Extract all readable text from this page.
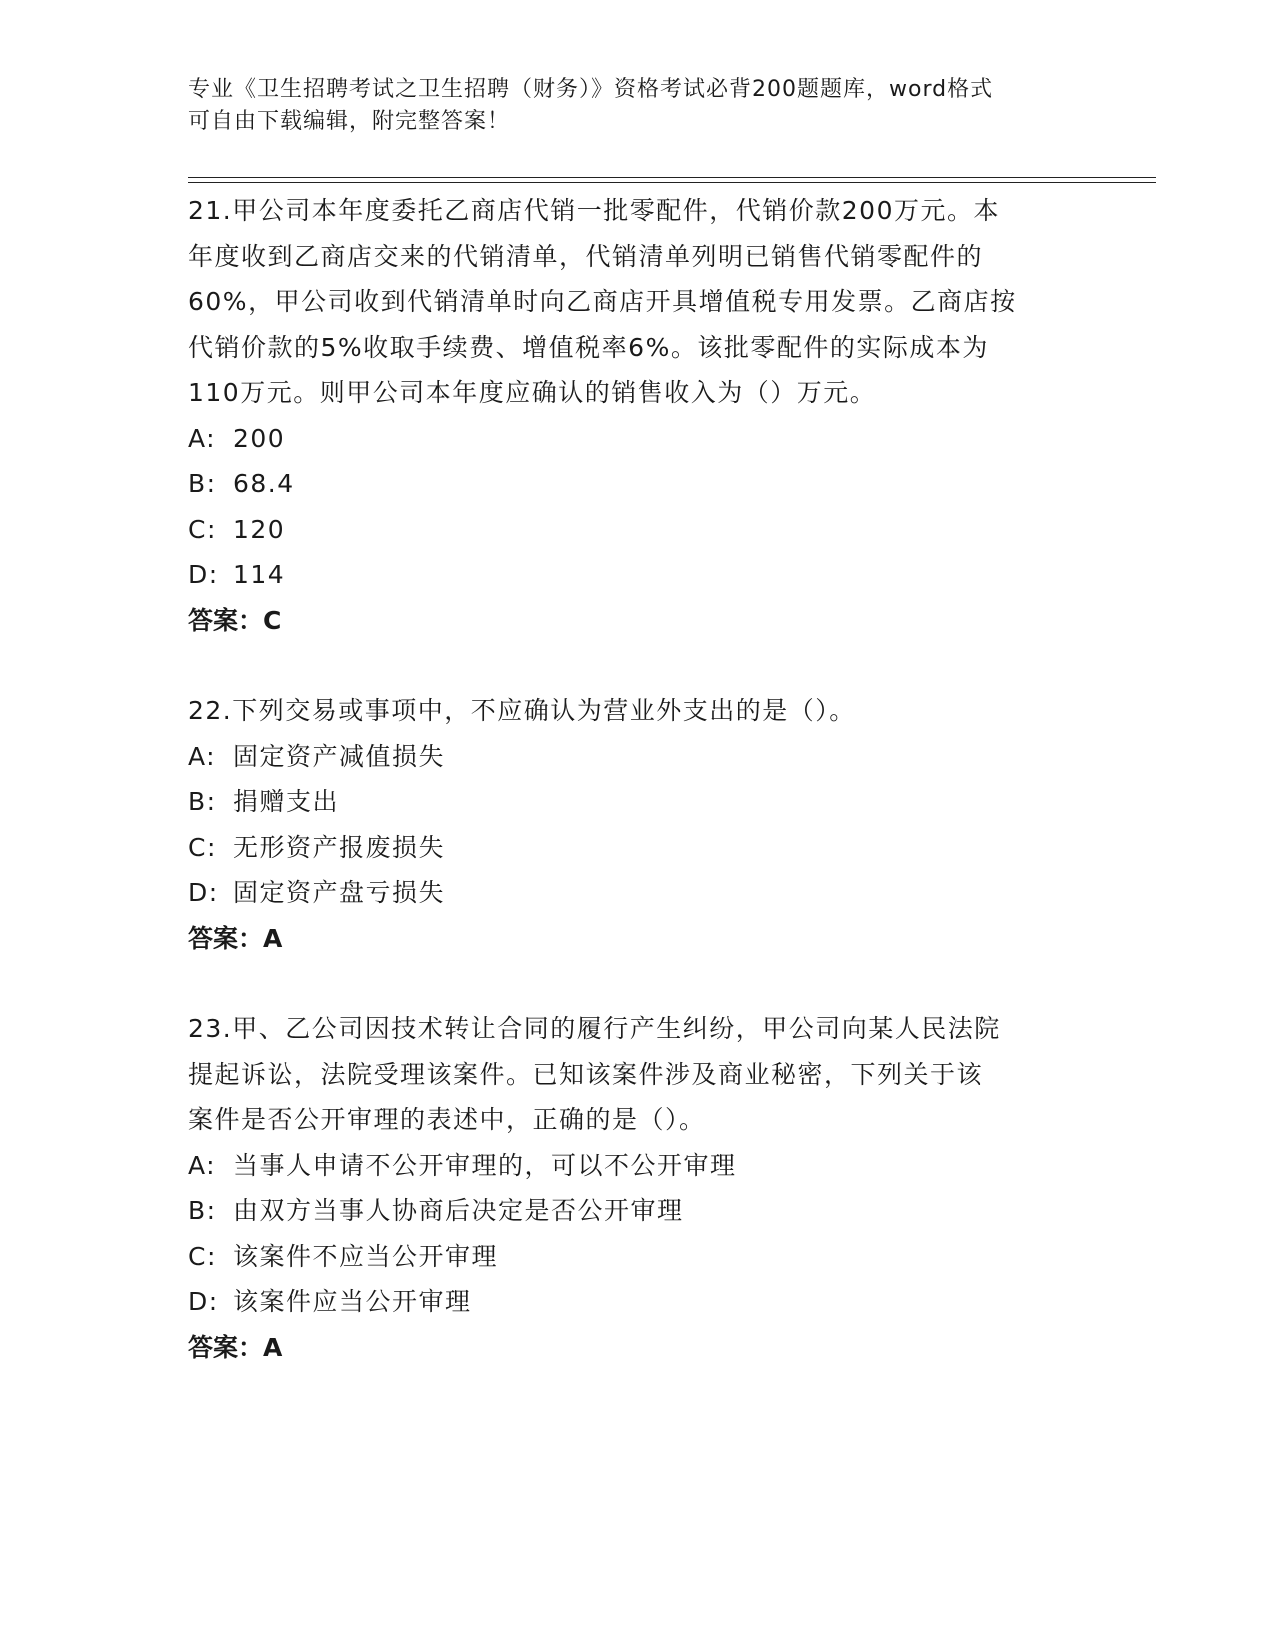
专业《卫生招聘考试之卫生招聘（财务）》资格考试必背200题题库，word格式
可自由下载编辑，附完整答案！
21.甲公司本年度委托乙商店代销一批零配件，代销价款200万元。本
年度收到乙商店交来的代销清单，代销清单列明已销售代销零配件的
60%，甲公司收到代销清单时向乙商店开具增值税专用发票。乙商店按
代销价款的5%收取手续费、增值税率6%。该批零配件的实际成本为
110万元。则甲公司本年度应确认的销售收入为（）万元。
A: 200
B: 68.4
C: 120
D: 114
答案：C
22.下列交易或事项中，不应确认为营业外支出的是（）。
A: 固定资产减值损失
B: 捐赠支出
C: 无形资产报废损失
D: 固定资产盘亏损失
答案：A
23.甲、乙公司因技术转让合同的履行产生纠纷，甲公司向某人民法院
提起诉讼，法院受理该案件。已知该案件涉及商业秘密，下列关于该
案件是否公开审理的表述中，正确的是（）。
A: 当事人申请不公开审理的，可以不公开审理
B: 由双方当事人协商后决定是否公开审理
C: 该案件不应当公开审理
D: 该案件应当公开审理
答案：A
